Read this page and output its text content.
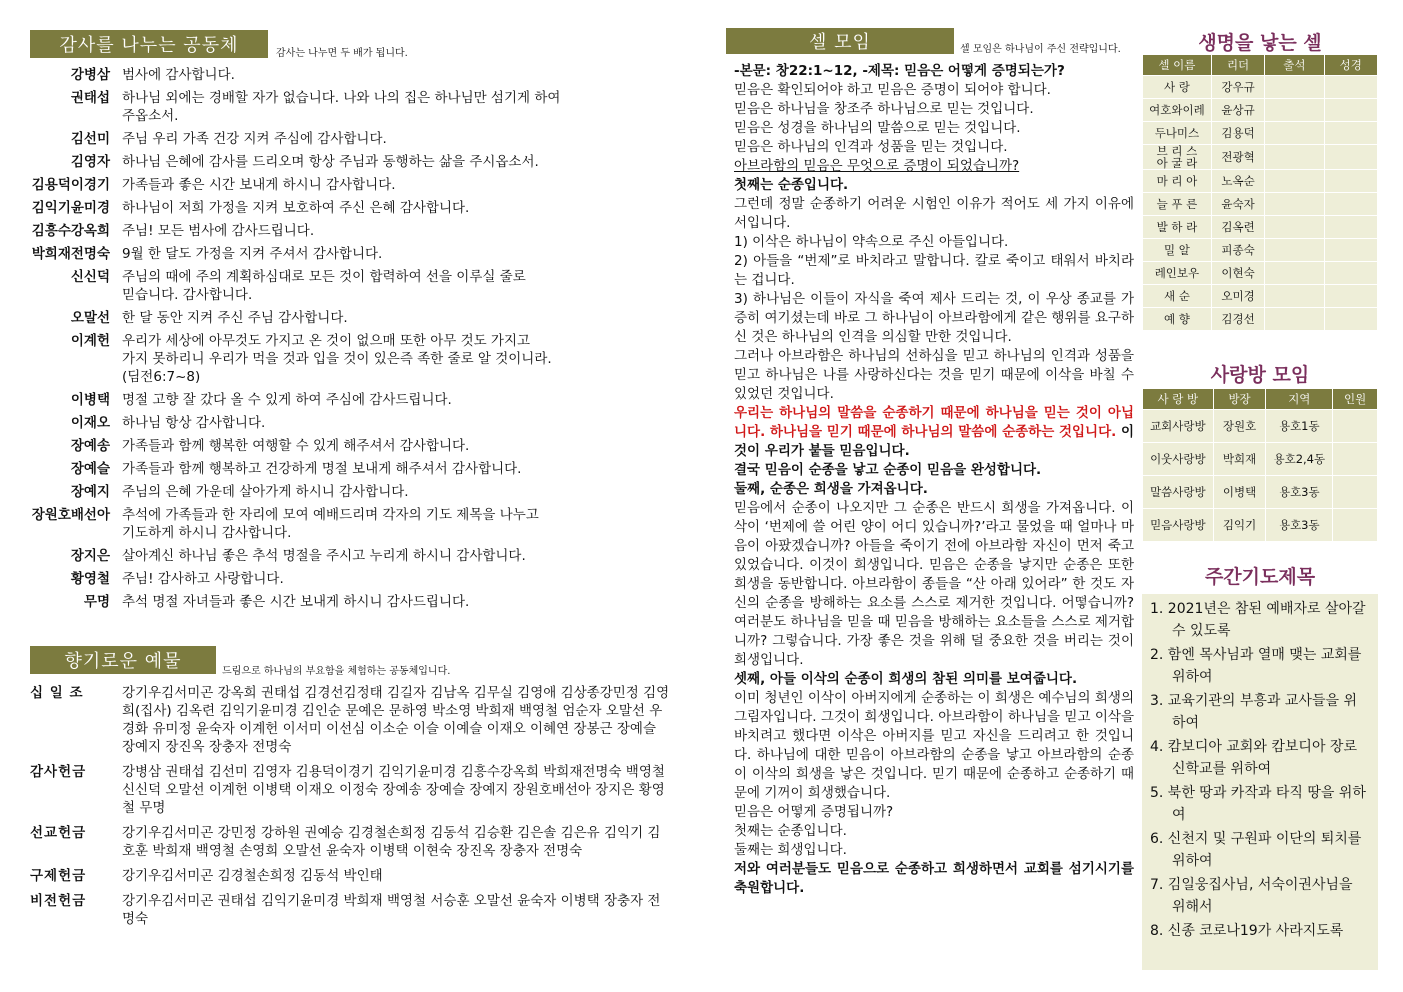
감사를 나누는 공동체	감사는 나누면 두 배가 됩니다.
강병삼 범사에 감사합니다.
권태섭 하나님 외에는 경배할 자가 없습니다. 나와 나의 집은 하나님만 섬기게 하여
주옵소서.
김선미 주님 우리 가족 건강 지켜 주심에 감사합니다.
김영자 하나님 은혜에 감사를 드리오며 항상 주님과 동행하는 삶을 주시옵소서.
김용덕이경기 가족들과 좋은 시간 보내게 하시니 감사합니다.
김익기윤미경 하나님이 저희 가정을 지켜 보호하여 주신 은혜 감사합니다.
김흥수강옥희 주님! 모든 범사에 감사드립니다.
박희재전명숙 9월 한 달도 가정을 지켜 주셔서 감사합니다.
신신덕 주님의 때에 주의 계획하심대로 모든 것이 합력하여 선을 이루실 줄로
믿습니다. 감사합니다.
오말선 한 달 동안 지켜 주신 주님 감사합니다.
이계헌 우리가 세상에 아무것도 가지고 온 것이 없으매 또한 아무 것도 가지고
가지 못하리니 우리가 먹을 것과 입을 것이 있은즉 족한 줄로 알 것이니라.
(딤전6:7~8)
이병택 명절 고향 잘 갔다 올 수 있게 하여 주심에 감사드립니다.
이재오 하나님 항상 감사합니다.
장예송 가족들과 함께 행복한 여행할 수 있게 해주셔서 감사합니다.
장예슬 가족들과 함께 행복하고 건강하게 명절 보내게 해주셔서 감사합니다.
장예지 주님의 은혜 가운데 살아가게 하시니 감사합니다.
장원호배선아 추석에 가족들과 한 자리에 모여 예배드리며 각자의 기도 제목을 나누고
기도하게 하시니 감사합니다.
장지은 살아계신 하나님 좋은 추석 명절을 주시고 누리게 하시니 감사합니다.
황영철 주님! 감사하고 사랑합니다.
무명 추석 명절 자녀들과 좋은 시간 보내게 하시니 감사드립니다.
향기로운 예물	드림으로 하나님의 부요함을 체험하는 공동체입니다.
십 일 조	강기우김서미곤 강옥희 권태섭 김경선김정태 김길자 김남옥 김무실 김영애 김상종강민정 김영희(집사) 김옥련 김익기윤미경 김인순 문예은 문하영 박소영 박희재 백영철 엄순자 오말선 우경화 유미정 윤숙자 이계헌 이서미 이선심 이소순 이슬 이예슬 이재오 이혜연 장봉근 장예슬 장예지 장진옥 장충자 전명숙
감사헌금	강병삼 권태섭 김선미 김영자 김용덕이경기 김익기윤미경 김흥수강옥희 박희재전명숙 백영철 신신덕 오말선 이계헌 이병택 이재오 이정숙 장예송 장예슬 장예지 장원호배선아 장지은 황영철 무명
선교헌금	강기우김서미곤 강민정 강하원 권예승 김경철손희정 김동석 김승환 김은솔 김은유 김익기 김호훈 박희재 백영철 손영희 오말선 윤숙자 이병택 이현숙 장진옥 장충자 전명숙
구제헌금	강기우김서미곤 김경철손희정 김동석 박인태
비전헌금	강기우김서미곤 권태섭 김익기윤미경 박희재 백영철 서승훈 오말선 윤숙자 이병택 장충자 전명숙
셀 모임	셀 모임은 하나님이 주신 전략입니다.
-본문: 창22:1~12, -제목: 믿음은 어떻게 증명되는가?
믿음은 확인되어야 하고 믿음은 증명이 되어야 합니다.
믿음은 하나님을 창조주 하나님으로 믿는 것입니다.
믿음은 성경을 하나님의 말씀으로 믿는 것입니다.
믿음은 하나님의 인격과 성품을 믿는 것입니다.
아브라함의 믿음은 무엇으로 증명이 되었습니까?
첫째는 순종입니다.
그런데 정말 순종하기 어려운 시험인 이유가 적어도 세 가지 이유에서입니다.
1) 이삭은 하나님이 약속으로 주신 아들입니다.
2) 아들을 “번제”로 바치라고 말합니다. 칼로 죽이고 태워서 바치라는 겁니다.
3) 하나님은 이들이 자식을 죽여 제사 드리는 것, 이 우상 종교를 가증히 여기셨는데 바로 그 하나님이 아브라함에게 같은 행위를 요구하신 것은 하나님의 인격을 의심할 만한 것입니다.
그러나 아브라함은 하나님의 선하심을 믿고 하나님의 인격과 성품을 믿고 하나님은 나를 사랑하신다는 것을 믿기 때문에 이삭을 바칠 수 있었던 것입니다.
우리는 하나님의 말씀을 순종하기 때문에 하나님을 믿는 것이 아닙니다. 하나님을 믿기 때문에 하나님의 말씀에 순종하는 것입니다. 이것이 우리가 붙들 믿음입니다.
결국 믿음이 순종을 낳고 순종이 믿음을 완성합니다.
둘째, 순종은 희생을 가져옵니다.
믿음에서 순종이 나오지만 그 순종은 반드시 희생을 가져옵니다. 이삭이 ‘번제에 쓸 어린 양이 어디 있습니까?’라고 물었을 때 얼마나 마음이 아팠겠습니까? 아들을 죽이기 전에 아브라함 자신이 먼저 죽고 있었습니다. 이것이 희생입니다. 믿음은 순종을 낳지만 순종은 또한 희생을 동반합니다. 아브라함이 종들을 “산 아래 있어라” 한 것도 자신의 순종을 방해하는 요소를 스스로 제거한 것입니다. 어떻습니까? 여러분도 하나님을 믿을 때 믿음을 방해하는 요소들을 스스로 제거합니까? 그렇습니다. 가장 좋은 것을 위해 덜 중요한 것을 버리는 것이 희생입니다.
셋째, 아들 이삭의 순종이 희생의 참된 의미를 보여줍니다.
이미 청년인 이삭이 아버지에게 순종하는 이 희생은 예수님의 희생의 그림자입니다. 그것이 희생입니다. 아브라함이 하나님을 믿고 이삭을 바치려고 했다면 이삭은 아버지를 믿고 자신을 드리려고 한 것입니다. 하나님에 대한 믿음이 아브라함의 순종을 낳고 아브라함의 순종이 이삭의 희생을 낳은 것입니다. 믿기 때문에 순종하고 순종하기 때문에 기꺼이 희생했습니다.
믿음은 어떻게 증명됩니까?
첫째는 순종입니다.
둘째는 희생입니다.
저와 여러분들도 믿음으로 순종하고 희생하면서 교회를 섬기시기를 축원합니다.
생명을 낳는 셀
셀 이름	리더	출석	성경
사 랑	강우규		
여호와이레	윤상규		
두나미스	김용덕		
브 리 스
아 굴 라	전광혁		
마 리 아	노옥순		
늘 푸 른	윤숙자		
발 하 라	김옥련		
밀 알	피종숙		
레인보우	이현숙		
새 순	오미경		
예 향	김경선		
사랑방 모임
사 랑 방	방장	지역	인원
교회사랑방	장원호	용호1동	
이웃사랑방	박희재	용호2,4동	
말씀사랑방	이병택	용호3동	
믿음사랑방	김익기	용호3동	
주간기도제목
1. 2021년은 참된 예배자로 살아갈 수 있도록
2. 함엔 목사님과 열매 맺는 교회를 위하여
3. 교육기관의 부흥과 교사들을 위하여
4. 캄보디아 교회와 캄보디아 장로신학교를 위하여
5. 북한 땅과 카작과 타직 땅을 위하여
6. 신천지 및 구원파 이단의 퇴치를 위하여
7. 김일웅집사님, 서숙이권사님을 위해서
8. 신종 코로나19가 사라지도록
